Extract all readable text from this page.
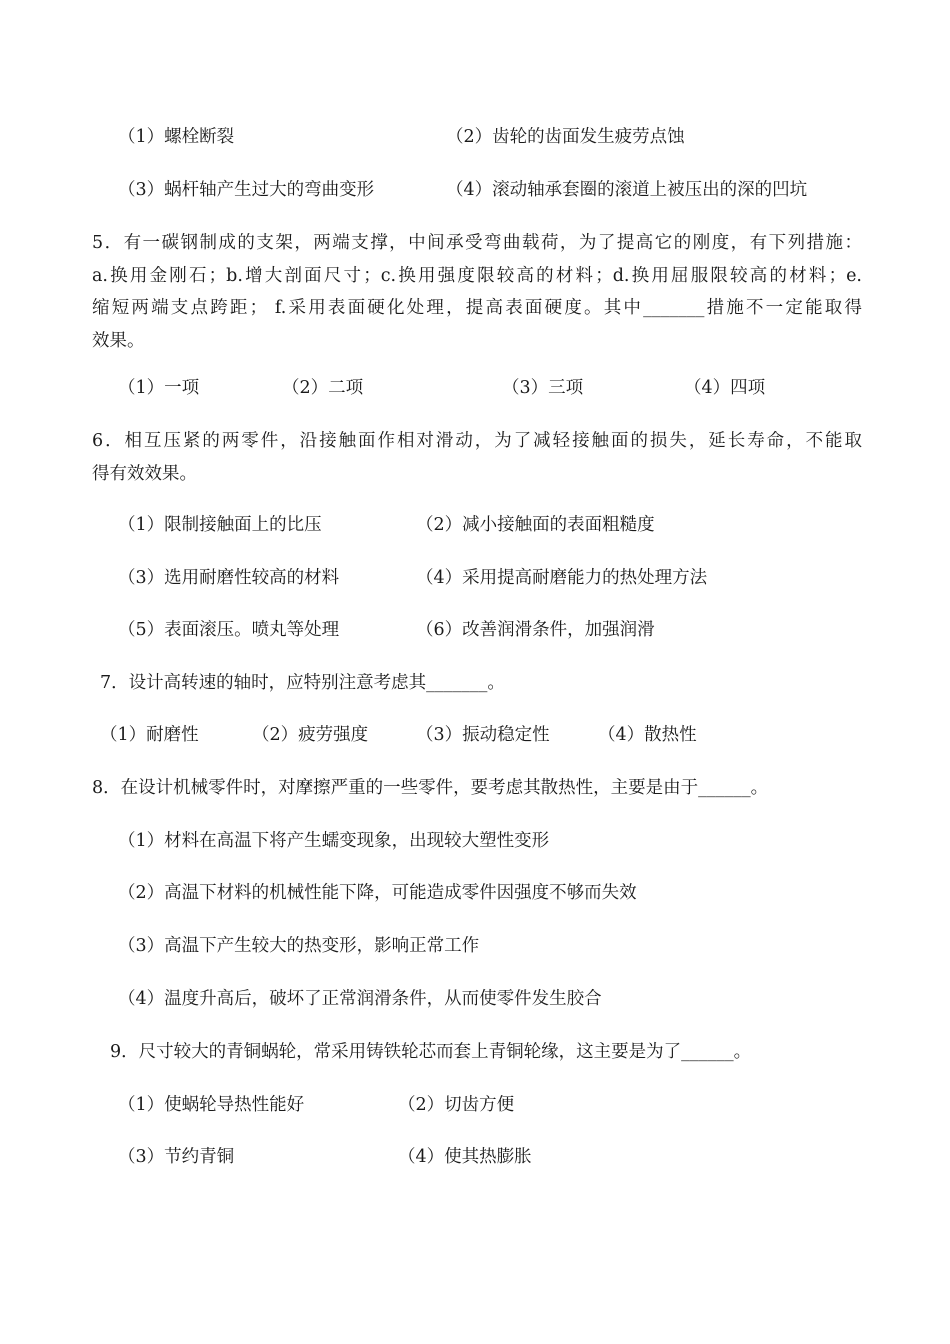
（1）螺栓断裂	（2）齿轮的齿面发生疲劳点蚀
（3）蜗杆轴产生过大的弯曲变形	（4）滚动轴承套圈的滚道上被压出的深的凹坑
5．有一碳钢制成的支架，两端支撑，中间承受弯曲载荷，为了提高它的刚度，有下列措施：
a.换用金刚石；b.增大剖面尺寸；c.换用强度限较高的材料；d.换用屈服限较高的材料；e.
缩短两端支点跨距； f.采用表面硬化处理，提高表面硬度。其中_______措施不一定能取得
效果。
（1）一项	（2）二项	（3）三项	（4）四项
6．相互压紧的两零件，沿接触面作相对滑动，为了减轻接触面的损失，延长寿命，不能取
得有效效果。
（1）限制接触面上的比压	（2）减小接触面的表面粗糙度
（3）选用耐磨性较高的材料	（4）采用提高耐磨能力的热处理方法
（5）表面滚压。喷丸等处理	（6）改善润滑条件，加强润滑
7．设计高转速的轴时，应特别注意考虑其_______。
（1）耐磨性	（2）疲劳强度	（3）振动稳定性	（4）散热性
8．在设计机械零件时，对摩擦严重的一些零件，要考虑其散热性，主要是由于______。
（1）材料在高温下将产生蠕变现象，出现较大塑性变形
（2）高温下材料的机械性能下降，可能造成零件因强度不够而失效
（3）高温下产生较大的热变形，影响正常工作
（4）温度升高后，破坏了正常润滑条件，从而使零件发生胶合
9．尺寸较大的青铜蜗轮，常采用铸铁轮芯而套上青铜轮缘，这主要是为了______。
（1）使蜗轮导热性能好	（2）切齿方便
（3）节约青铜	（4）使其热膨胀
